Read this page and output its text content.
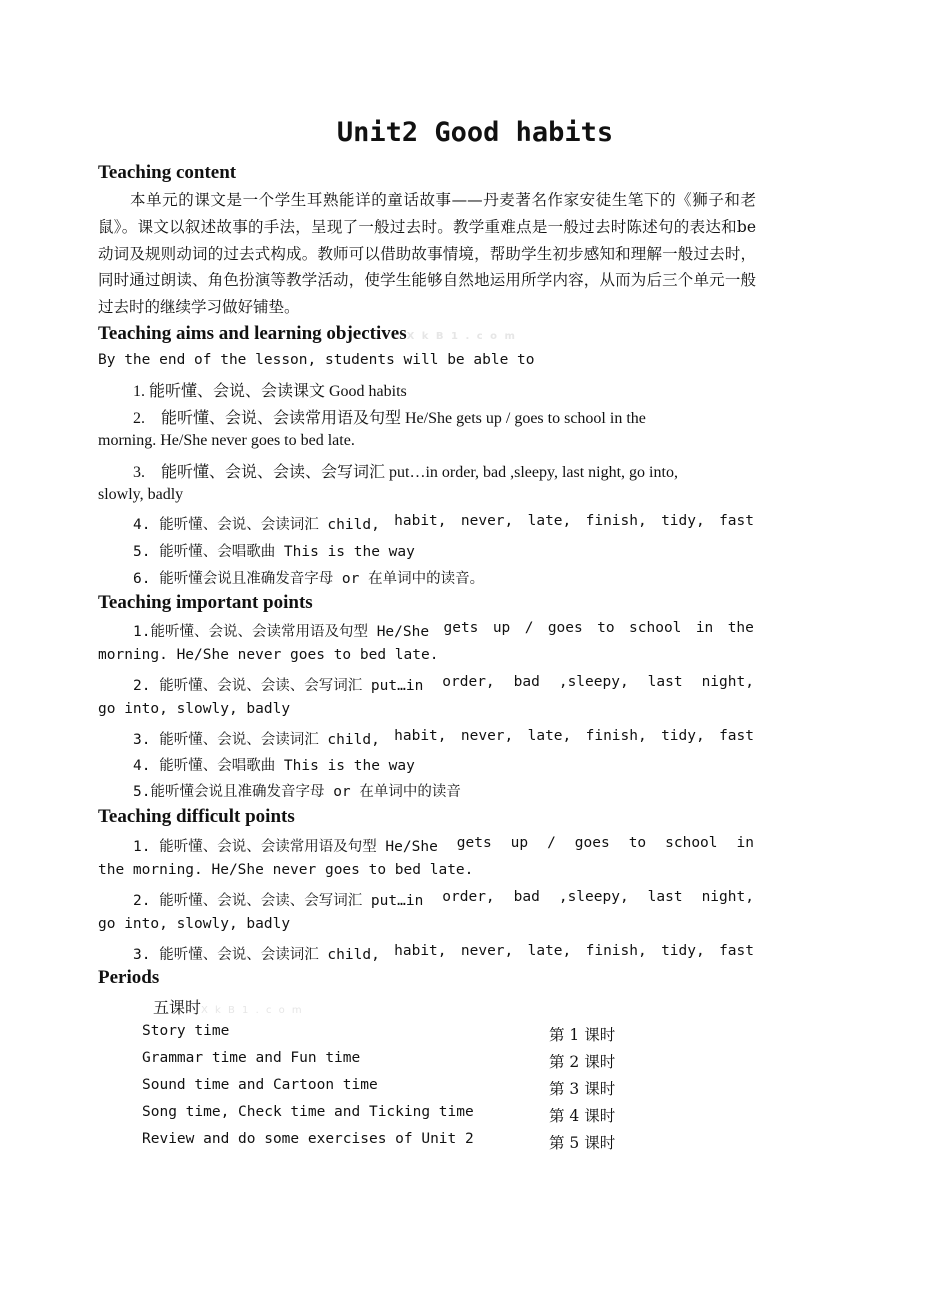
Unit2 Good habits
Teaching content
本单元的课文是一个学生耳熟能详的童话故事——丹麦著名作家安徒生笔下的《狮子和老鼠》。课文以叙述故事的手法，呈现了一般过去时。教学重难点是一般过去时陈述句的表达和be动词及规则动词的过去式构成。教师可以借助故事情境，帮助学生初步感知和理解一般过去时，同时通过朗读、角色扮演等教学活动，使学生能够自然地运用所学内容，从而为后三个单元一般过去时的继续学习做好铺垫。
Teaching aims and learning objectivesX k B 1 . c o m
By the end of the lesson, students will be able to
1. 能听懂、会说、会读课文 Good habits
2.　能听懂、会说、会读常用语及句型 He/She gets up / goes to school in the
morning. He/She never goes to bed late.
3.　能听懂、会说、会读、会写词汇 put…in order, bad ,sleepy, last night, go into,
slowly, badly
4. 能听懂、会说、会读词汇 child, habit, never, late, finish, tidy, fast
5. 能听懂、会唱歌曲 This is the way
6. 能听懂会说且准确发音字母 or 在单词中的读音。
Teaching important points
1.能听懂、会说、会读常用语及句型 He/She gets up / goes to school in the
morning. He/She never goes to bed late.
2. 能听懂、会说、会读、会写词汇 put…in order, bad ,sleepy, last night,
go into, slowly, badly
3. 能听懂、会说、会读词汇 child, habit, never, late, finish, tidy, fast
4. 能听懂、会唱歌曲 This is the way
5.能听懂会说且准确发音字母 or 在单词中的读音
Teaching difficult points
1. 能听懂、会说、会读常用语及句型 He/She gets up / goes to school in
the morning. He/She never goes to bed late.
2. 能听懂、会说、会读、会写词汇 put…in order, bad ,sleepy, last night,
go into, slowly, badly
3. 能听懂、会说、会读词汇 child, habit, never, late, finish, tidy, fast
Periods
五课时X k B 1 . c o m
Story time	第 1 课时
Grammar time and Fun time	第 2 课时
Sound time and Cartoon time	第 3 课时
Song time, Check time and Ticking time	第 4 课时
Review and do some exercises of Unit 2	第 5 课时
